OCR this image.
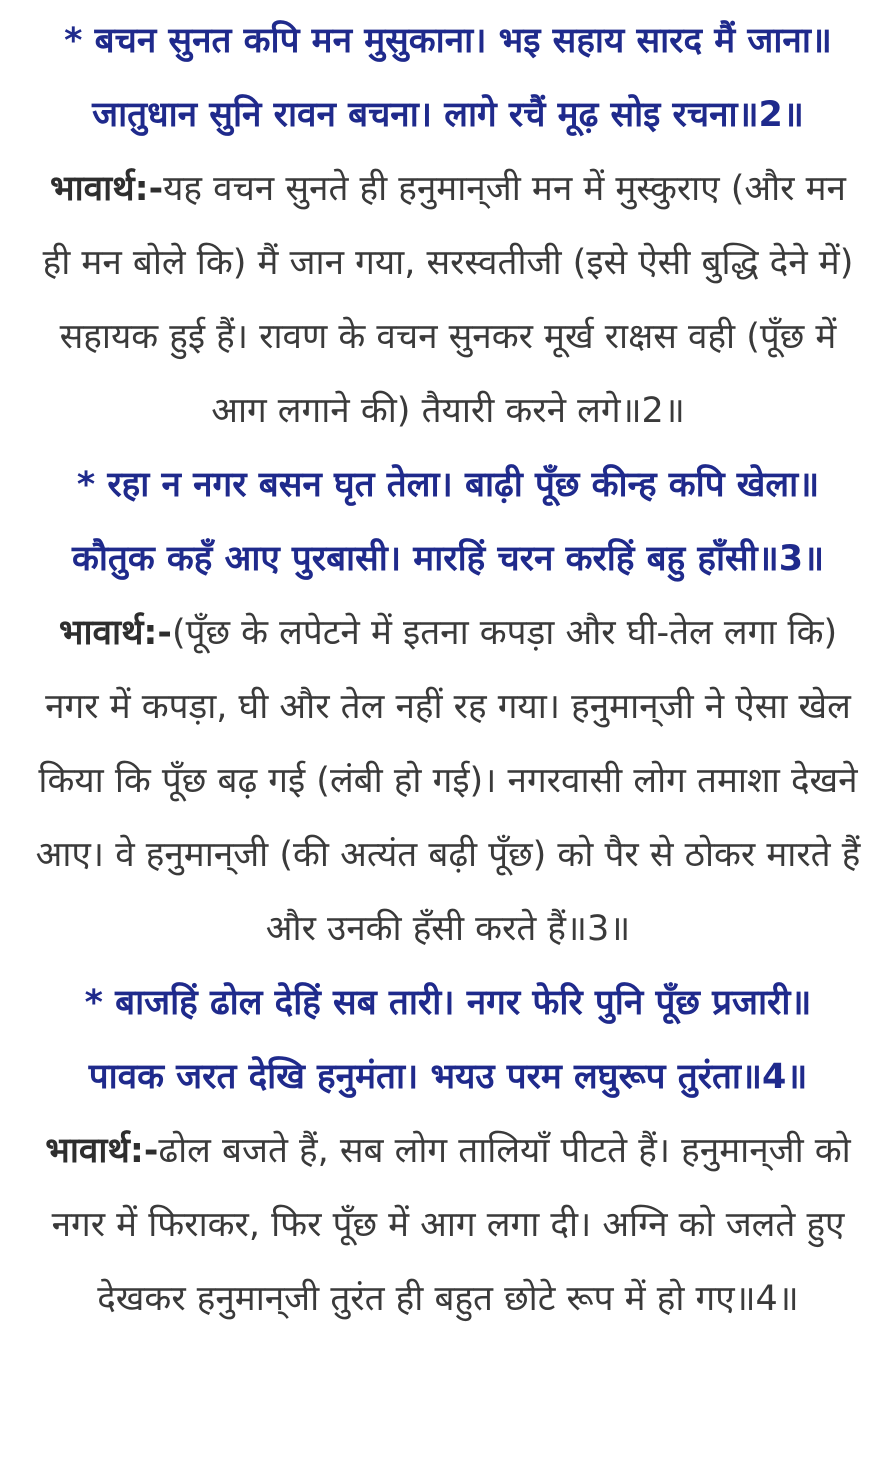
* बचन सुनत कपि मन मुसुकाना। भइ सहाय सारद मैं जाना॥
जातुधान सुनि रावन बचना। लागे रचैं मूढ़ सोइ रचना॥2॥
भावार्थ:-यह वचन सुनते ही हनुमान्‌जी मन में मुस्कुराए (और मन ही मन बोले कि) मैं जान गया, सरस्वतीजी (इसे ऐसी बुद्धि देने में) सहायक हुई हैं। रावण के वचन सुनकर मूर्ख राक्षस वही (पूँछ में आग लगाने की) तैयारी करने लगे॥2॥
* रहा न नगर बसन घृत तेला। बाढ़ी पूँछ कीन्ह कपि खेला॥
कौतुक कहँ आए पुरबासी। मारहिं चरन करहिं बहु हाँसी॥3॥
भावार्थ:-(पूँछ के लपेटने में इतना कपड़ा और घी-तेल लगा कि) नगर में कपड़ा, घी और तेल नहीं रह गया। हनुमान्‌जी ने ऐसा खेल किया कि पूँछ बढ़ गई (लंबी हो गई)। नगरवासी लोग तमाशा देखने आए। वे हनुमान्‌जी (की अत्यंत बढ़ी पूँछ) को पैर से ठोकर मारते हैं और उनकी हँसी करते हैं॥3॥
* बाजहिं ढोल देहिं सब तारी। नगर फेरि पुनि पूँछ प्रजारी॥
पावक जरत देखि हनुमंता। भयउ परम लघुरूप तुरंता॥4॥
भावार्थ:-ढोल बजते हैं, सब लोग तालियाँ पीटते हैं। हनुमान्‌जी को नगर में फिराकर, फिर पूँछ में आग लगा दी। अग्नि को जलते हुए देखकर हनुमान्‌जी तुरंत ही बहुत छोटे रूप में हो गए॥4॥
